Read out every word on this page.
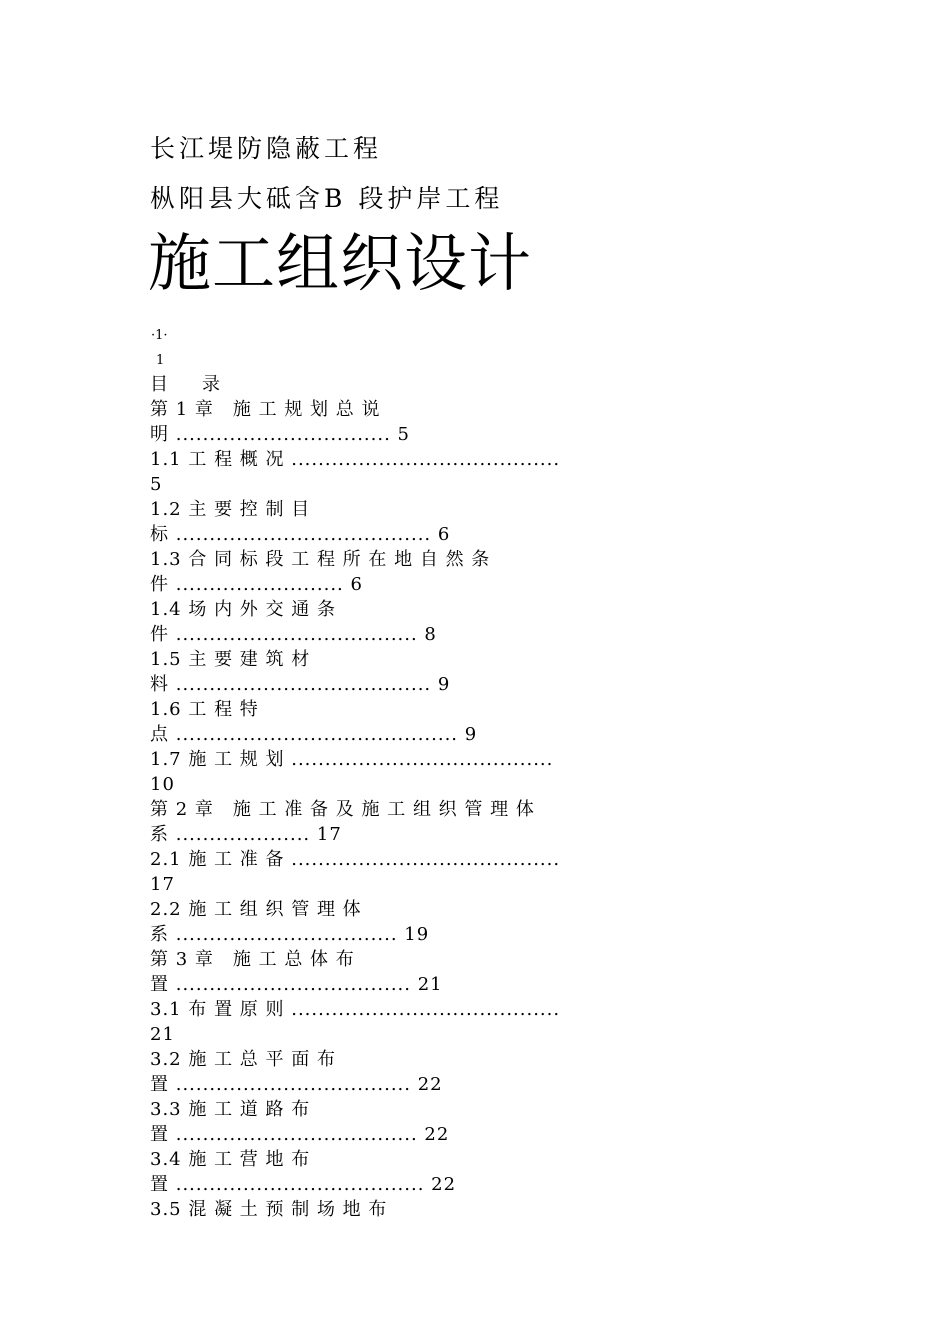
长江堤防隐蔽工程
枞阳县大砥含B 段护岸工程
施工组织设计
·1·
1
目　录
第 1 章　施 工 规 划 总 说
明 ................................ 5
1.1 工 程 概 况 ........................................
5
1.2 主 要 控 制 目
标 ...................................... 6
1.3 合 同 标 段 工 程 所 在 地 自 然 条
件 ......................... 6
1.4 场 内 外 交 通 条
件 .................................... 8
1.5 主 要 建 筑 材
料 ...................................... 9
1.6 工 程 特
点 .......................................... 9
1.7 施 工 规 划 .......................................
10
第 2 章　施 工 准 备 及 施 工 组 织 管 理 体
系 .................... 17
2.1 施 工 准 备 ........................................
17
2.2 施 工 组 织 管 理 体
系 ................................. 19
第 3 章　施 工 总 体 布
置 ................................... 21
3.1 布 置 原 则 ........................................
21
3.2 施 工 总 平 面 布
置 ................................... 22
3.3 施 工 道 路 布
置 .................................... 22
3.4 施 工 营 地 布
置 ..................................... 22
3.5 混 凝 土 预 制 场 地 布
